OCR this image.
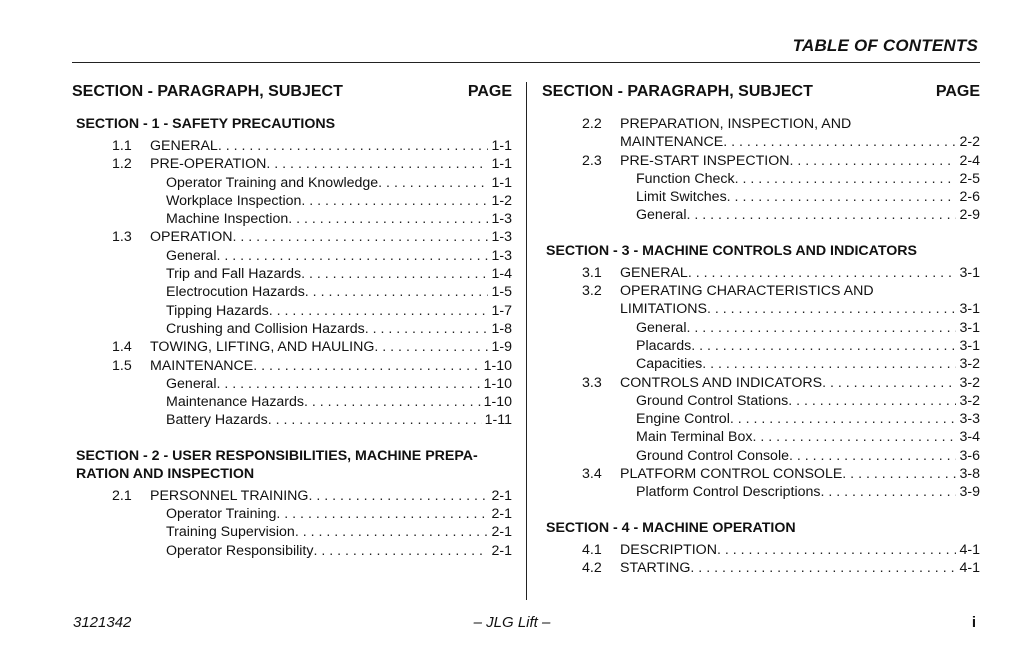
TABLE OF CONTENTS
SECTION - PARAGRAPH, SUBJECT	PAGE
SECTION - 1 - SAFETY PRECAUTIONS
1.1	GENERAL . . .	1-1
1.2	PRE-OPERATION . . .	1-1
Operator Training and Knowledge . . .	1-1
Workplace Inspection . . .	1-2
Machine Inspection . . .	1-3
1.3	OPERATION . . .	1-3
General . . .	1-3
Trip and Fall Hazards . . .	1-4
Electrocution Hazards . . .	1-5
Tipping Hazards . . .	1-7
Crushing and Collision Hazards . . .	1-8
1.4	TOWING, LIFTING, AND HAULING . . .	1-9
1.5	MAINTENANCE . . .	1-10
General . . .	1-10
Maintenance Hazards . . .	1-10
Battery Hazards . . .	1-11
SECTION - 2 - USER RESPONSIBILITIES, MACHINE PREPA-
RATION AND INSPECTION
2.1	PERSONNEL TRAINING . . .	2-1
Operator Training . . .	2-1
Training Supervision . . .	2-1
Operator Responsibility . . .	2-1
SECTION - PARAGRAPH, SUBJECT	PAGE
2.2	PREPARATION, INSPECTION, AND
MAINTENANCE . . .	2-2
2.3	PRE-START INSPECTION . . .	2-4
Function Check . . .	2-5
Limit Switches . . .	2-6
General . . .	2-9
SECTION - 3 - MACHINE CONTROLS AND INDICATORS
3.1	GENERAL . . .	3-1
3.2	OPERATING CHARACTERISTICS AND
LIMITATIONS . . .	3-1
General . . .	3-1
Placards . . .	3-1
Capacities . . .	3-2
3.3	CONTROLS AND INDICATORS . . .	3-2
Ground Control Stations . . .	3-2
Engine Control . . .	3-3
Main Terminal Box . . .	3-4
Ground Control Console . . .	3-6
3.4	PLATFORM CONTROL CONSOLE . . .	3-8
Platform Control Descriptions . . .	3-9
SECTION - 4 - MACHINE OPERATION
4.1	DESCRIPTION . . .	4-1
4.2	STARTING . . .	4-1
3121342	– JLG Lift –	i
